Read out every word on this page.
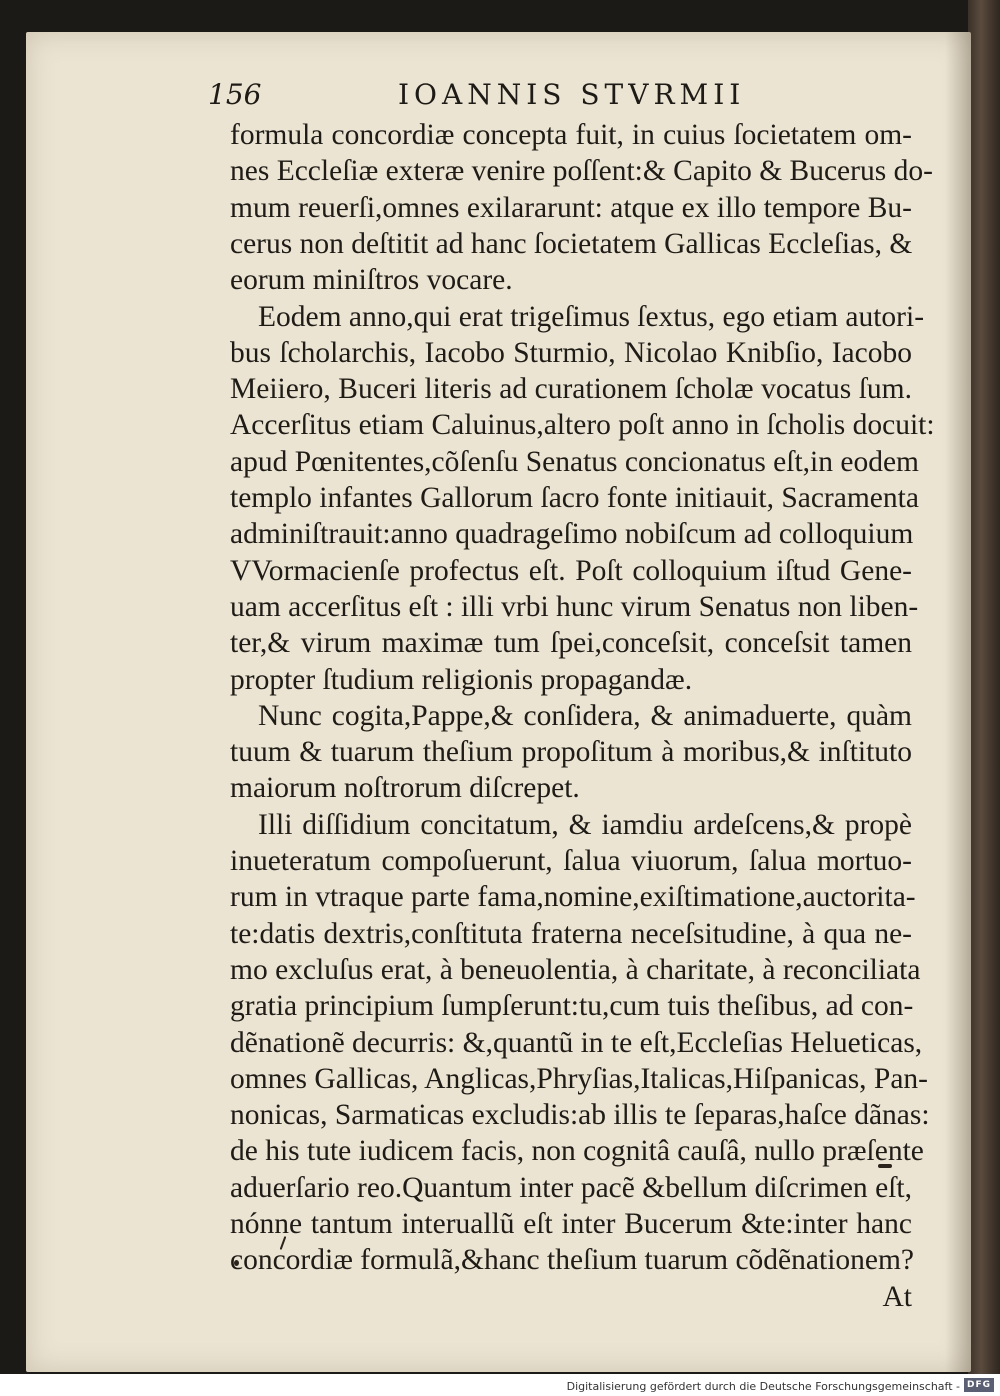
156	IOANNIS STVRMII
formula concordiæ concepta fuit, in cuius ſocietatem om-
nes Eccleſiæ exteræ venire poſſent:& Capito & Bucerus do-
mum reuerſi,omnes exilararunt: atque ex illo tempore Bu-
cerus non deſtitit ad hanc ſocietatem Gallicas Eccleſias, &
eorum miniſtros vocare.
Eodem anno,qui erat trigeſimus ſextus, ego etiam autori-
bus ſcholarchis, Iacobo Sturmio, Nicolao Knibſio, Iacobo
Meiiero, Buceri literis ad curationem ſcholæ vocatus ſum.
Accerſitus etiam Caluinus,altero poſt anno in ſcholis docuit:
apud Pœnitentes,cõſenſu Senatus concionatus eſt,in eodem
templo infantes Gallorum ſacro fonte initiauit, Sacramenta
adminiſtrauit:anno quadrageſimo nobiſcum ad colloquium
VVormacienſe profectus eſt. Poſt colloquium iſtud Gene-
uam accerſitus eſt : illi vrbi hunc virum Senatus non liben-
ter,& virum maximæ tum ſpei,conceſsit, conceſsit tamen
propter ſtudium religionis propagandæ.
Nunc cogita,Pappe,& conſidera, & animaduerte, quàm
tuum & tuarum theſium propoſitum à moribus,& inſtituto
maiorum noſtrorum diſcrepet.
Illi diſſidium concitatum, & iamdiu ardeſcens,& propè
inueteratum compoſuerunt, ſalua viuorum, ſalua mortuo-
rum in vtraque parte fama,nomine,exiſtimatione,auctorita-
te:datis dextris,conſtituta fraterna neceſsitudine, à qua ne-
mo excluſus erat, à beneuolentia, à charitate, à reconciliata
gratia principium ſumpſerunt:tu,cum tuis theſibus, ad con-
dẽnationẽ decurris: &,quantũ in te eſt,Eccleſias Helueticas,
omnes Gallicas, Anglicas,Phryſias,Italicas,Hiſpanicas, Pan-
nonicas, Sarmaticas excludis:ab illis te ſeparas,haſce dãnas:
de his tute iudicem facis, non cognitâ cauſâ, nullo præſente
aduerſario reo.Quantum inter pacẽ &bellum diſcrimen eſt,
nónne tantum interuallũ eſt inter Bucerum &te:inter hanc
concordiæ formulã,&hanc theſium tuarum cõdẽnationem?
At
Digitalisierung gefördert durch die Deutsche Forschungsgemeinschaft - DFG
